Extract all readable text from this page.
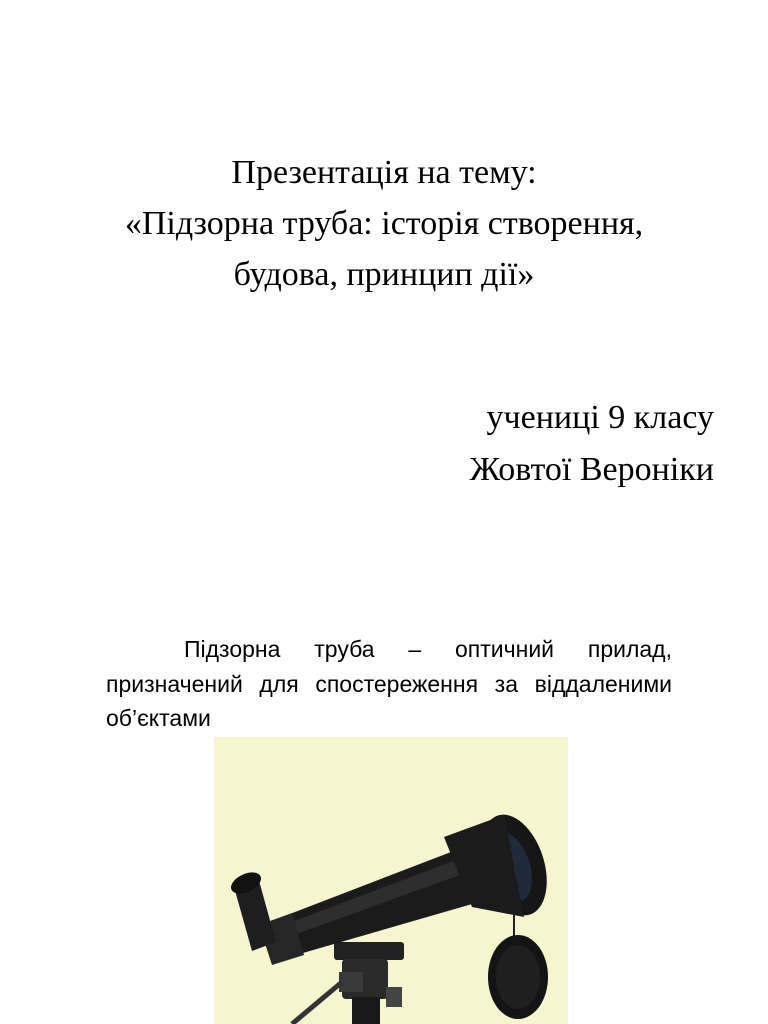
Презентація на тему:
«Підзорна труба: історія створення,
будова, принцип дії»
учениці 9 класу
Жовтої Вероніки
Підзорна труба – оптичний прилад, призначений для спостереження за віддаленими об’єктами
